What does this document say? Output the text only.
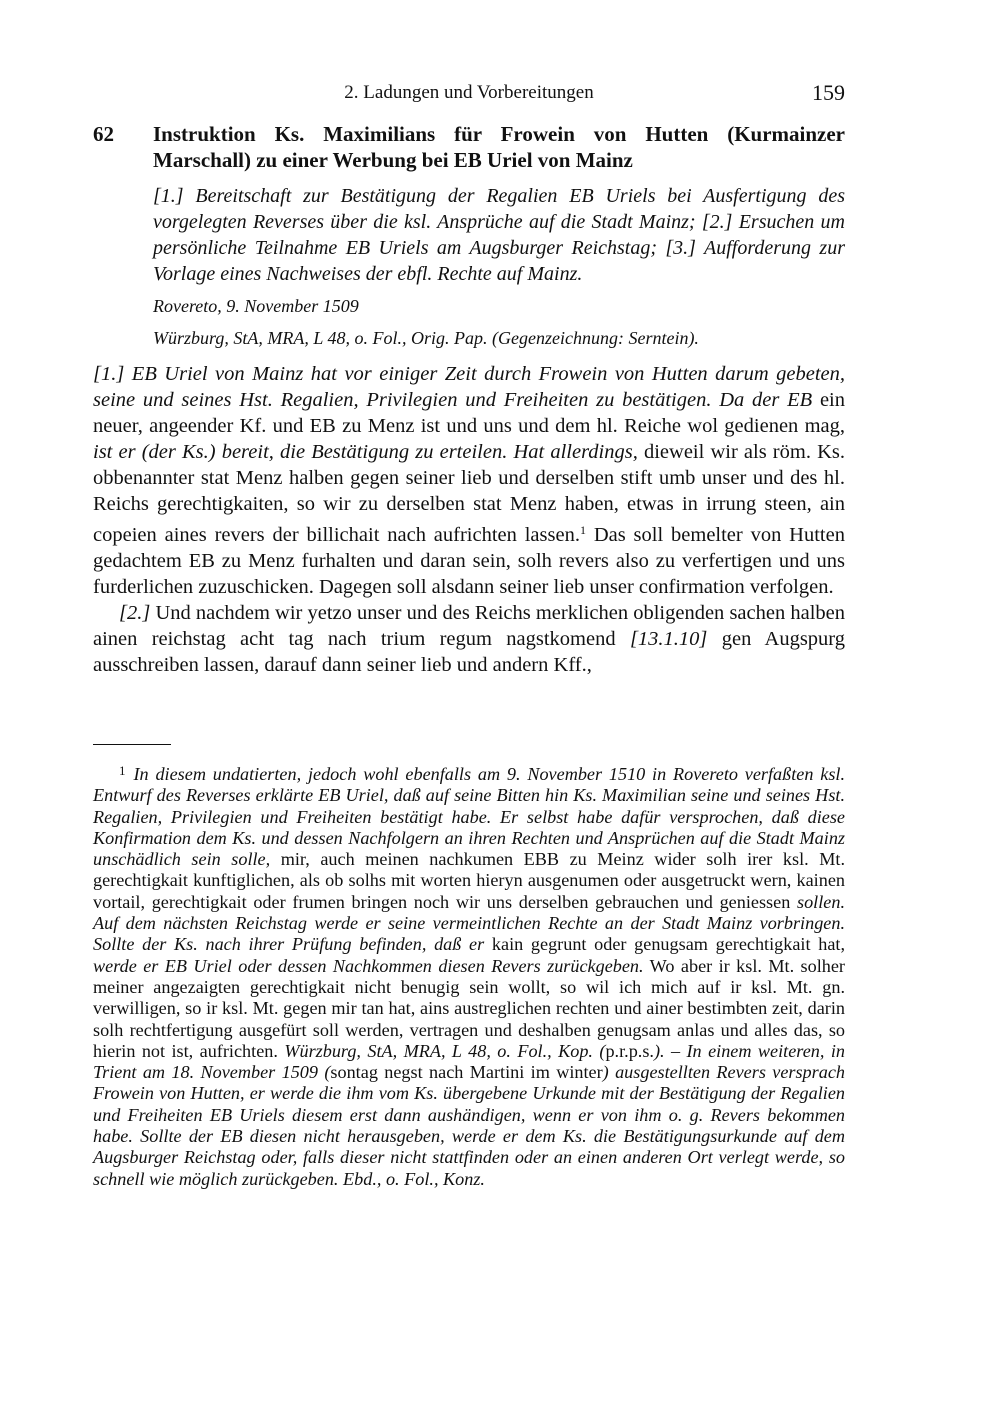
2. Ladungen und Vorbereitungen	159
62 Instruktion Ks. Maximilians für Frowein von Hutten (Kurmainzer Marschall) zu einer Werbung bei EB Uriel von Mainz
[1.] Bereitschaft zur Bestätigung der Regalien EB Uriels bei Ausfertigung des vorgelegten Reverses über die ksl. Ansprüche auf die Stadt Mainz; [2.] Ersuchen um persönliche Teilnahme EB Uriels am Augsburger Reichstag; [3.] Aufforderung zur Vorlage eines Nachweises der ebfl. Rechte auf Mainz.
Rovereto, 9. November 1509
Würzburg, StA, MRA, L 48, o. Fol., Orig. Pap. (Gegenzeichnung: Serntein).

[1.] EB Uriel von Mainz hat vor einiger Zeit durch Frowein von Hutten darum gebeten, seine und seines Hst. Regalien, Privilegien und Freiheiten zu bestätigen. Da der EB ein neuer, angeender Kf. und EB zu Menz ist und uns und dem hl. Reiche wol gedienen mag, ist er (der Ks.) bereit, die Bestätigung zu erteilen. Hat allerdings, dieweil wir als röm. Ks. obbenannter stat Menz halben gegen seiner lieb und derselben stift umb unser und des hl. Reichs gerechtigkaiten, so wir zu derselben stat Menz haben, etwas in irrung steen, ain copeien aines revers der billichait nach aufrichten lassen.$^1$ Das soll bemelter von Hutten gedachtem EB zu Menz furhalten und daran sein, solh revers also zu verfertigen und uns furderlichen zuzuschicken. Dagegen soll alsdann seiner lieb unser confirmation verfolgen.

[2.] Und nachdem wir yetzo unser und des Reichs merklichen obligenden sachen halben ainen reichstag acht tag nach trium regum nagstkomend [13.1.10] gen Augspurg ausschreiben lassen, darauf dann seiner lieb und andern Kff.,

$^1$ In diesem undatierten, jedoch wohl ebenfalls am 9. November 1510 in Rovereto verfaßten ksl. Entwurf des Reverses erklärte EB Uriel, daß auf seine Bitten hin Ks. Maximilian seine und seines Hst. Regalien, Privilegien und Freiheiten bestätigt habe. Er selbst habe dafür versprochen, daß diese Konfirmation dem Ks. und dessen Nachfolgern an ihren Rechten und Ansprüchen auf die Stadt Mainz unschädlich sein solle, mir, auch meinen nachkumen EBB zu Meinz wider solh irer ksl. Mt. gerechtigkait kunftiglichen, als ob solhs mit worten hieryn ausgenumen oder ausgetruckt wern, kainen vortail, gerechtigkait oder frumen bringen noch wir uns derselben gebrauchen und geniessen sollen. Auf dem nächsten Reichstag werde er seine vermeintlichen Rechte an der Stadt Mainz vorbringen. Sollte der Ks. nach ihrer Prüfung befinden, daß er kain gegrunt oder genugsam gerechtigkait hat, werde er EB Uriel oder dessen Nachkommen diesen Revers zurückgeben. Wo aber ir ksl. Mt. solher meiner angezaigten gerechtigkait nicht benugig sein wollt, so wil ich mich auf ir ksl. Mt. gn. verwilligen, so ir ksl. Mt. gegen mir tan hat, ains austreglichen rechten und ainer bestimbten zeit, darin solh rechtfertigung ausgefürt soll werden, vertragen und deshalben genugsam anlas und alles das, so hierin not ist, aufrichten. Würzburg, StA, MRA, L 48, o. Fol., Kop. (p.r.p.s.). – In einem weiteren, in Trient am 18. November 1509 (sontag negst nach Martini im winter) ausgestellten Revers versprach Frowein von Hutten, er werde die ihm vom Ks. übergebene Urkunde mit der Bestätigung der Regalien und Freiheiten EB Uriels diesem erst dann aushändigen, wenn er von ihm o. g. Revers bekommen habe. Sollte der EB diesen nicht herausgeben, werde er dem Ks. die Bestätigungsurkunde auf dem Augsburger Reichstag oder, falls dieser nicht stattfinden oder an einen anderen Ort verlegt werde, so schnell wie möglich zurückgeben. Ebd., o. Fol., Konz.
